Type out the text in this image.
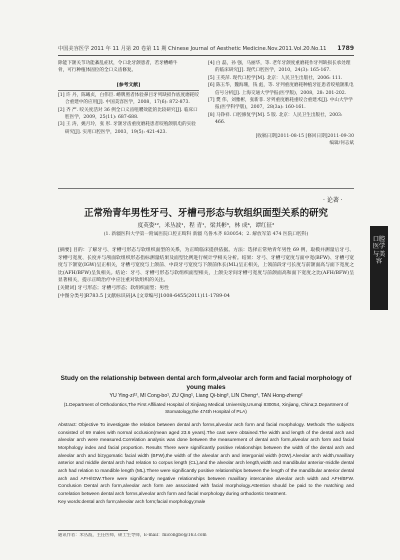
中国美容医学 2011 年 11 月第 20 卷第 11 期 Chinese Journal of Aesthetic Medicine.Nov.2011.Vol.20.No.11 1789

除能下颌关节功能紊乱症状，令口北牙颌患者，若牙槽嵴牛

骨，可行种植体固位的全口义齿修复。

[参考文献]

[1] 许 丹，陈曦贞，白伟臣. 嵴牌照者体验鼻目牙列缺损作底度磨耗咬合重建中的应用[J]. 中国美容医学，2008，17(6): 872-873.

[2] 齐 严. 咬关度活对 36 例全口义齿咀嚼效能的比较研究[J]. 临床口腔医学，2009，25(11): 687-688.

[3] 王 涛，姚月玲，张 彤. 牙颌牙齿重度磨耗患者咬殖颌肌电的实验研究[J]. 实用口腔医学，2003，19(5): 421-423.

[4] 白 磊，孙 强，马丽华，等. 老年牙颌度重磨耗作牙列缺损长承处理的临床研究[J]. 现代口腔医学，2010，24(3): 165-167.

[5] 王英萍. 现代口腔学[M]. 北京：人民卫生出版社，2006: 111.

[6] 陈玉华，魏海珊，钱 彪，等. 牙列重度磨耗种植牙征患者咬殖颌肌电信号分析[J]. 上海交通大学学报(医学版)，2008，28: 201-202.

[7] 樊 伟，刘雅彬，张新菲. 牙列重度磨耗重咬合重建术[J]. 中山大学学报(医学科学版)，2007，28(3a): 160-161.

[8] 马铮祥. 口腔修复学[M]. 5 版. 北京：人民卫生出版社，2003: 466.

[收稿日期]2011-08-15 [修回日期]2011-09-30

编辑/何志斌

· 论著 ·
口腔医学与美容
正常殆青年男性牙弓、牙槽弓形态与软组织面型关系的研究
度英姿¹²，米丛波¹，程 青¹，梁其彬³，林 成⁴，谭红征²
(1. 新疆医科大学第一附属医院口腔正畸科 新疆 乌鲁木齐 830054；2. 解放军第 474 医院口腔科)

[摘要] 目的：了解牙弓、牙槽弓形态与软组织面型的关系，为正畸临床提供依据。方法：选择正常殆青年男性 69 例，取模并测量后牙弓、牙槽弓宽度、长度并与颅面软组织形态指标测量结果及面型比例进行统计学相关分析。结果：牙弓、牙槽弓宽度与面中宽(BFW)、牙槽弓宽度与下颌宽(IGW)呈正相关，牙槽弓宽度与上颌前、中段牙弓宽度与下颌前体长(ML)呈正相关，上领前段牙弓长度与前颌面高与面下宽度之比(AFH/BFW)呈负相关。结论：牙弓、牙槽弓形态与软组织面型相关，上颌尖牙间牙槽弓宽度与前颌面高和面下宽度之比(AFH/BFW)呈显著相关，提示正畸治疗中应注重对软组织的关注。

[关键词] 牙弓形态；牙槽弓形态；软组织面型；男性

[中图分类号]R783.5 [文献标识码]A [文章编号]1008-6455(2011)11-1789-04

Study on the relationship between dental arch form,alveolar arch form and facial morphology of young males
YU Ying-zi¹², MI Cong-bo¹, ZU Qing¹, Liang Qi-bing³, LIN Cheng⁴, TAN Hong-zheng²
(1.Department of Orthodontics,The First Affiliated Hospital of Xinjiang Medical University,Urumqi 830054, Xinjiang, China;2.Department of Stomatology,the 474th Hospital of PLA)

Abstract: Objective To investigate the relation between dental arch forms,alveolar arch form and facial morphology. Methods The subjects consisted of 69 males with normal occlusion(mean aged 23.6 years).The cast were obtained.The width and length of the dental arch and alveolar arch were measured.Correlation analysis was done between the measurement of dental arch form,alveolar arch form and facial Morphology index and facial proportion. Results There were significantly positive relationships between the width of the dental arch and alveolar arch and bizygomatic facial width (BFW),the width of the alveolar arch and intergonial width (IGW).Alveolar arch width,maxillary anterior and middle dental arch had relation to corpus length (CL),and the alveolar arch length,width and mandibular anterior-middle dental arch had relation to mandible length (ML).There were significantly positive relationships between the length of the mandibular anterior dental arch and AFH/IGW.There were significantly negative relationships between maxillary intercanine alveolar arch width and AFH/BFW. Conclusion Dental arch form,alveolar arch form are associated with facial morphology.Attention should be paid to the matching and correlation between dental arch forms,alveolar arch form and facial morphology during orthodontic treatment.

Key words:dental arch form;alveolar arch form;facial morphology;male

通讯作者：米丛波，主任医师，硕士生导师，E-mail：micongbo@163.com
